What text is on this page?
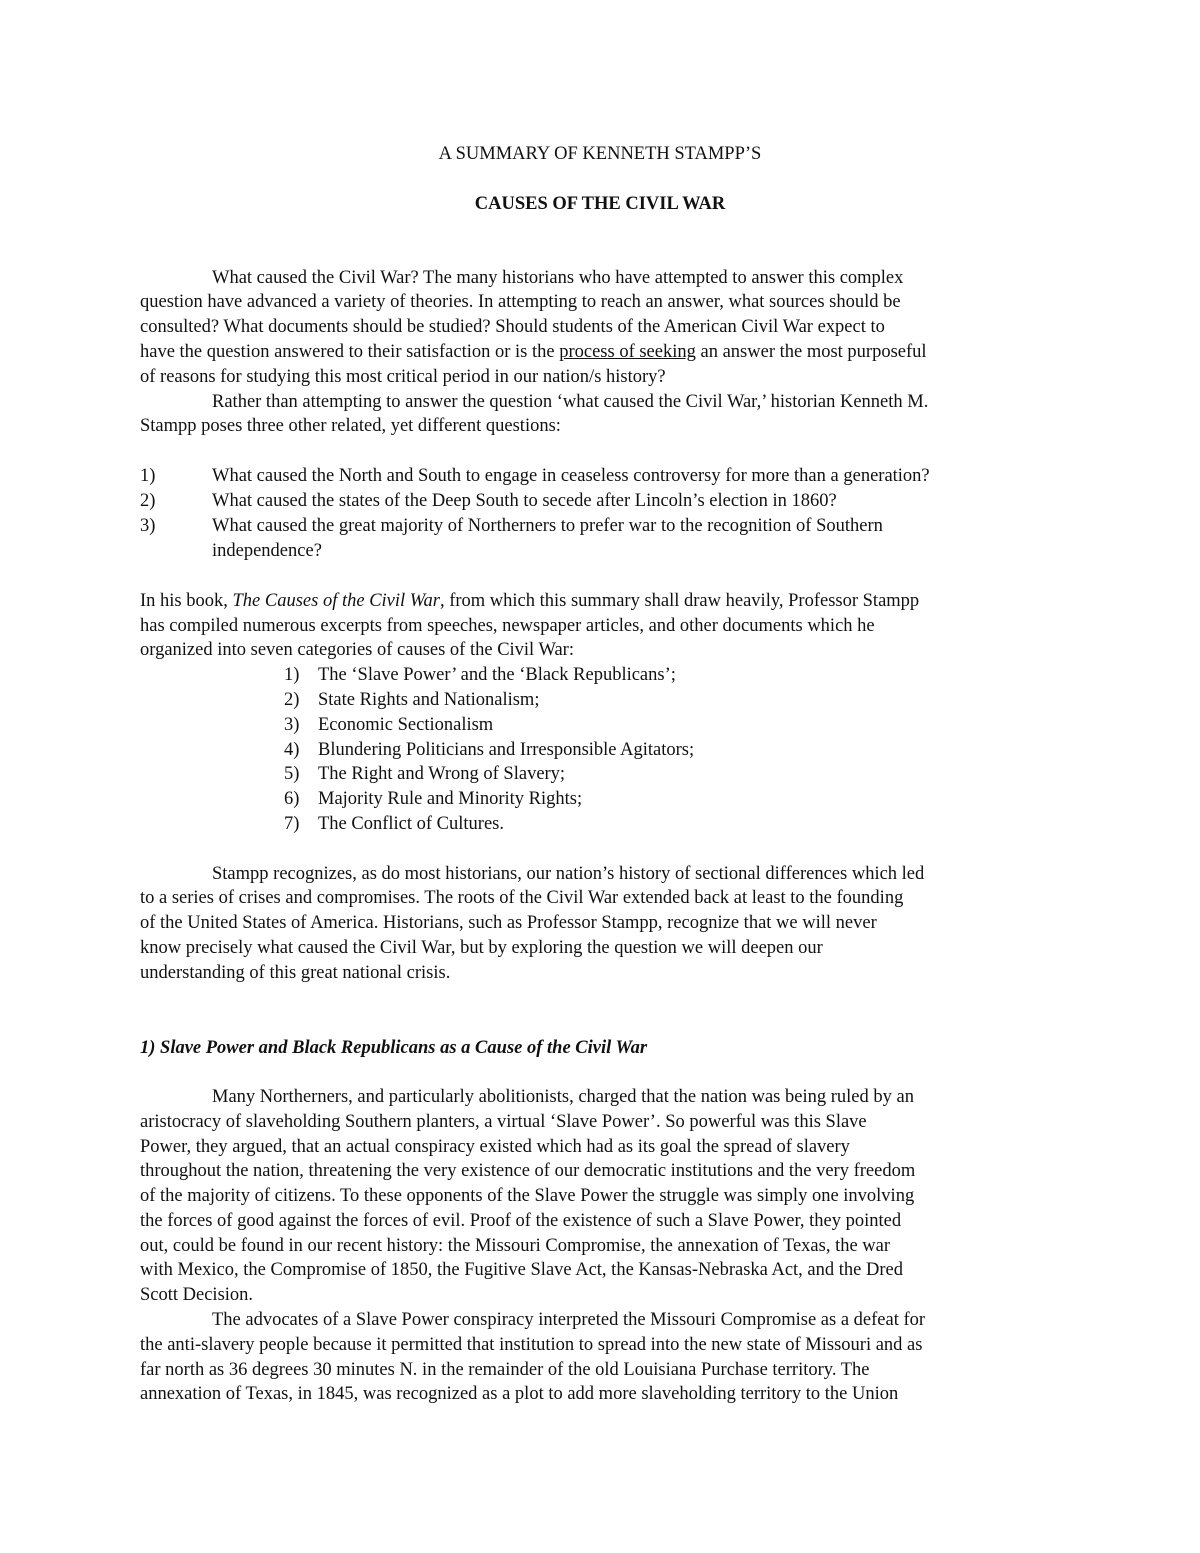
A SUMMARY OF KENNETH STAMPP’S
CAUSES OF THE CIVIL WAR
What caused the Civil War? The many historians who have attempted to answer this complex
question have advanced a variety of theories. In attempting to reach an answer, what sources should be
consulted? What documents should be studied? Should students of the American Civil War expect to
have the question answered to their satisfaction or is the process of seeking an answer the most purposeful
of reasons for studying this most critical period in our nation/s history?
Rather than attempting to answer the question ‘what caused the Civil War,’ historian Kenneth M.
Stampp poses three other related, yet different questions:
1)	What caused the North and South to engage in ceaseless controversy for more than a generation?
2)	What caused the states of the Deep South to secede after Lincoln’s election in 1860?
3)	What caused the great majority of Northerners to prefer war to the recognition of Southern
independence?
In his book, The Causes of the Civil War, from which this summary shall draw heavily, Professor Stampp
has compiled numerous excerpts from speeches, newspaper articles, and other documents which he
organized into seven categories of causes of the Civil War:
1) The ‘Slave Power’ and the ‘Black Republicans’;
2) State Rights and Nationalism;
3) Economic Sectionalism
4) Blundering Politicians and Irresponsible Agitators;
5) The Right and Wrong of Slavery;
6) Majority Rule and Minority Rights;
7) The Conflict of Cultures.
Stampp recognizes, as do most historians, our nation’s history of sectional differences which led
to a series of crises and compromises. The roots of the Civil War extended back at least to the founding
of the United States of America. Historians, such as Professor Stampp, recognize that we will never
know precisely what caused the Civil War, but by exploring the question we will deepen our
understanding of this great national crisis.
1) Slave Power and Black Republicans as a Cause of the Civil War
Many Northerners, and particularly abolitionists, charged that the nation was being ruled by an
aristocracy of slaveholding Southern planters, a virtual ‘Slave Power’. So powerful was this Slave
Power, they argued, that an actual conspiracy existed which had as its goal the spread of slavery
throughout the nation, threatening the very existence of our democratic institutions and the very freedom
of the majority of citizens. To these opponents of the Slave Power the struggle was simply one involving
the forces of good against the forces of evil. Proof of the existence of such a Slave Power, they pointed
out, could be found in our recent history: the Missouri Compromise, the annexation of Texas, the war
with Mexico, the Compromise of 1850, the Fugitive Slave Act, the Kansas-Nebraska Act, and the Dred
Scott Decision.
The advocates of a Slave Power conspiracy interpreted the Missouri Compromise as a defeat for
the anti-slavery people because it permitted that institution to spread into the new state of Missouri and as
far north as 36 degrees 30 minutes N. in the remainder of the old Louisiana Purchase territory. The
annexation of Texas, in 1845, was recognized as a plot to add more slaveholding territory to the Union
